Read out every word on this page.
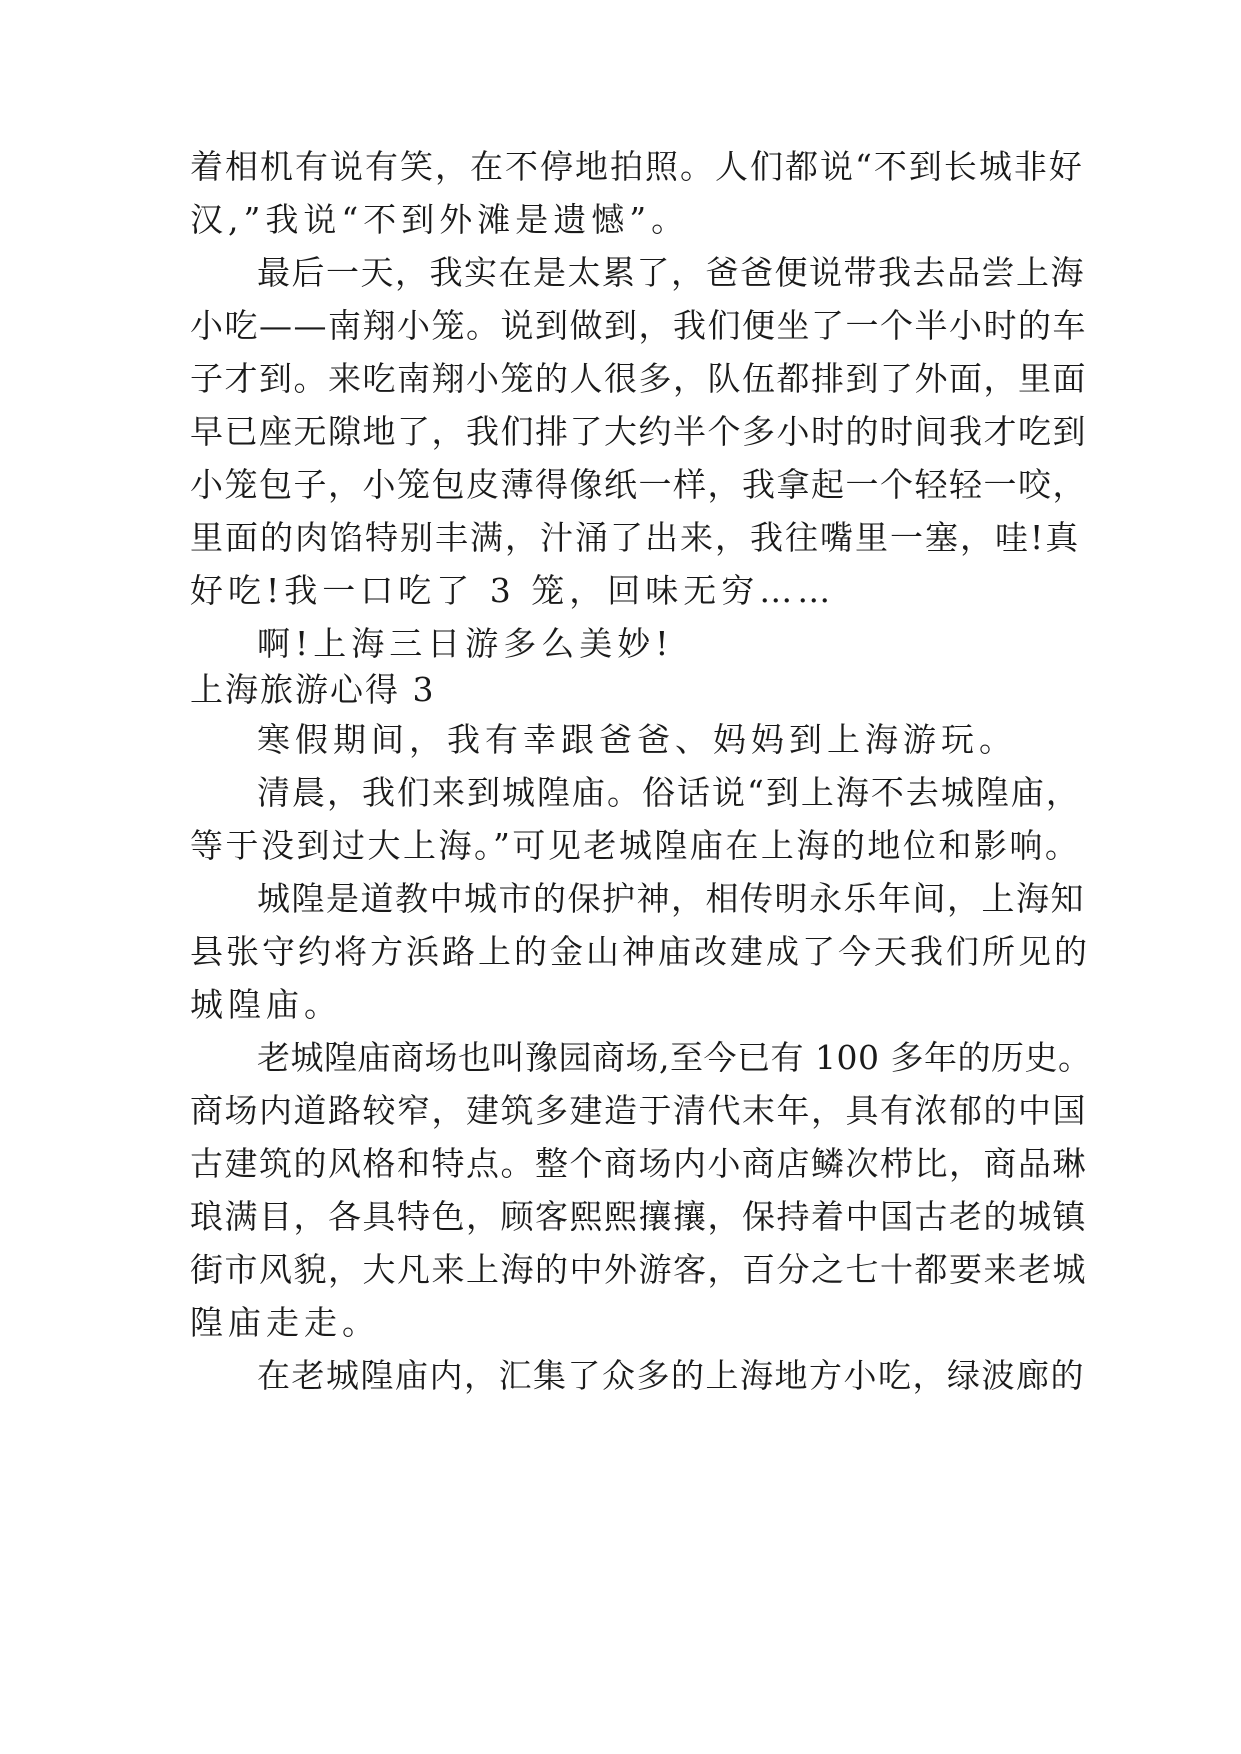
着相机有说有笑，在不停地拍照。人们都说“不到长城非好
汉,”我说“不到外滩是遗憾”。
最后一天，我实在是太累了，爸爸便说带我去品尝上海
小吃——南翔小笼。说到做到，我们便坐了一个半小时的车
子才到。来吃南翔小笼的人很多，队伍都排到了外面，里面
早已座无隙地了，我们排了大约半个多小时的时间我才吃到
小笼包子，小笼包皮薄得像纸一样，我拿起一个轻轻一咬，
里面的肉馅特别丰满，汁涌了出来，我往嘴里一塞，哇!真
好吃!我一口吃了 3 笼，回味无穷……
啊!上海三日游多么美妙!
上海旅游心得 3
寒假期间，我有幸跟爸爸、妈妈到上海游玩。
清晨，我们来到城隍庙。俗话说“到上海不去城隍庙，
等于没到过大上海。”可见老城隍庙在上海的地位和影响。
城隍是道教中城市的保护神，相传明永乐年间，上海知
县张守约将方浜路上的金山神庙改建成了今天我们所见的
城隍庙。
老城隍庙商场也叫豫园商场,至今已有 100 多年的历史。
商场内道路较窄，建筑多建造于清代末年，具有浓郁的中国
古建筑的风格和特点。整个商场内小商店鳞次栉比，商品琳
琅满目，各具特色，顾客熙熙攘攘，保持着中国古老的城镇
街市风貌，大凡来上海的中外游客，百分之七十都要来老城
隍庙走走。
在老城隍庙内，汇集了众多的上海地方小吃，绿波廊的
